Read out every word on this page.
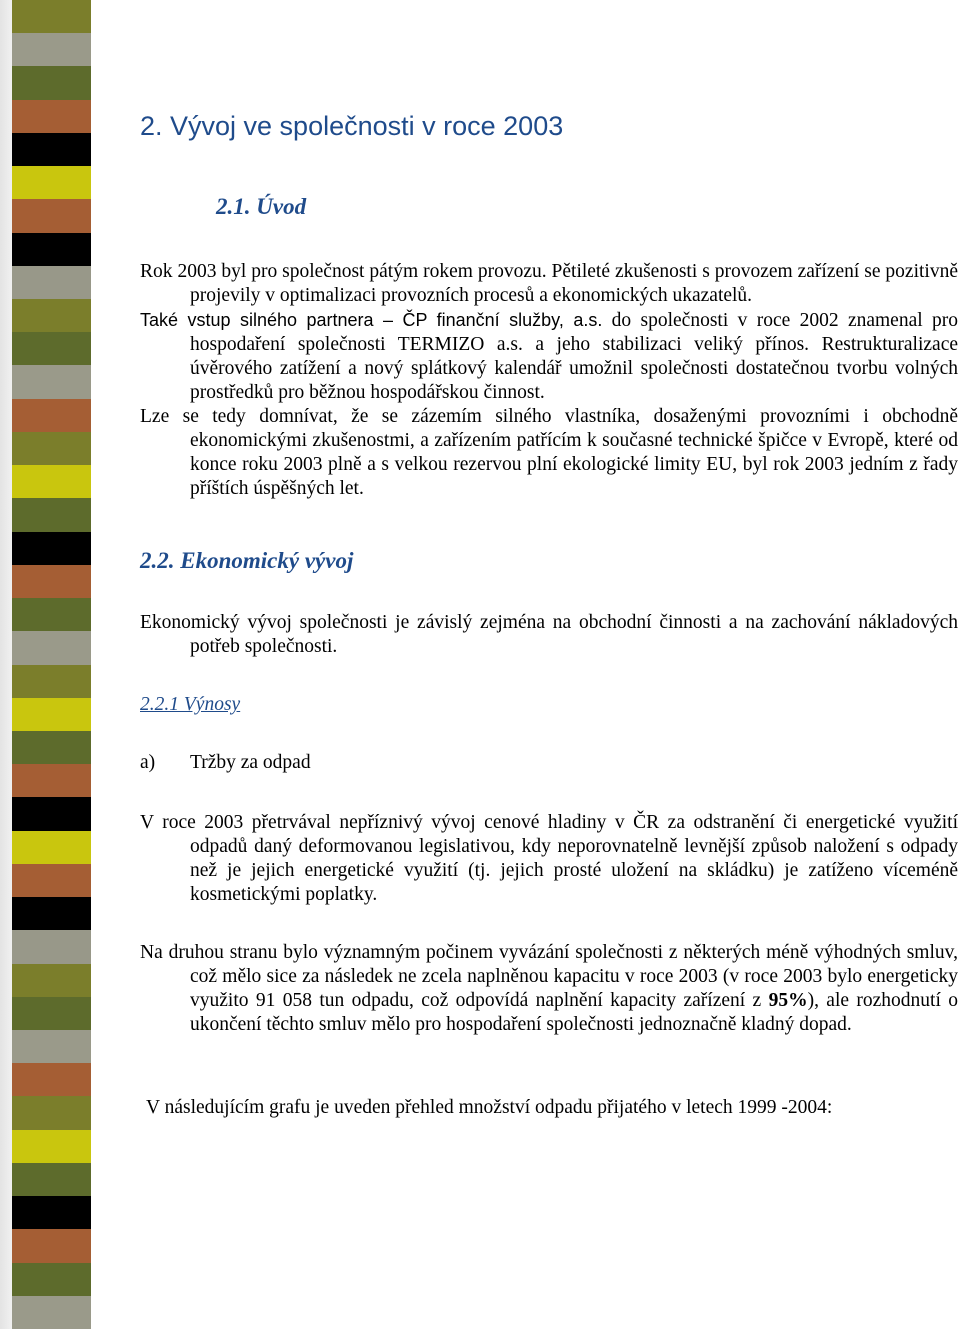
2. Vývoj ve společnosti v roce 2003
2.1. Úvod

Rok 2003 byl pro společnost pátým rokem provozu. Pětileté zkušenosti s provozem zařízení se pozitivně projevily v optimalizaci provozních procesů a ekonomických ukazatelů.

Také vstup silného partnera – ČP finanční služby, a.s. do společnosti v roce 2002 znamenal pro hospodaření společnosti TERMIZO a.s. a jeho stabilizaci veliký přínos. Restrukturalizace úvěrového zatížení a nový splátkový kalendář umožnil společnosti dostatečnou tvorbu volných prostředků pro běžnou hospodářskou činnost.

Lze se tedy domnívat, že se zázemím silného vlastníka, dosaženými provozními i obchodně ekonomickými zkušenostmi, a zařízením patřícím k současné technické špičce v Evropě, které od konce roku 2003 plně a s velkou rezervou plní ekologické limity EU, byl rok 2003 jedním z řady příštích úspěšných let.

2.2. Ekonomický vývoj

Ekonomický vývoj společnosti je závislý zejména na obchodní činnosti a na zachování nákladových potřeb společnosti.

2.2.1 Výnosy
a) Tržby za odpad

V roce 2003 přetrvával nepříznivý vývoj cenové hladiny v ČR za odstranění či energetické využití odpadů daný deformovanou legislativou, kdy neporovnatelně levnější způsob naložení s odpady než je jejich energetické využití (tj. jejich prosté uložení na skládku) je zatíženo víceméně kosmetickými poplatky.

Na druhou stranu bylo významným počinem vyvázání společnosti z některých méně výhodných smluv, což mělo sice za následek ne zcela naplněnou kapacitu v roce 2003 (v roce 2003 bylo energeticky využito 91 058 tun odpadu, což odpovídá naplnění kapacity zařízení z 95%), ale rozhodnutí o ukončení těchto smluv mělo pro hospodaření společnosti jednoznačně kladný dopad.

V následujícím grafu je uveden přehled množství odpadu přijatého v letech 1999 -2004:
